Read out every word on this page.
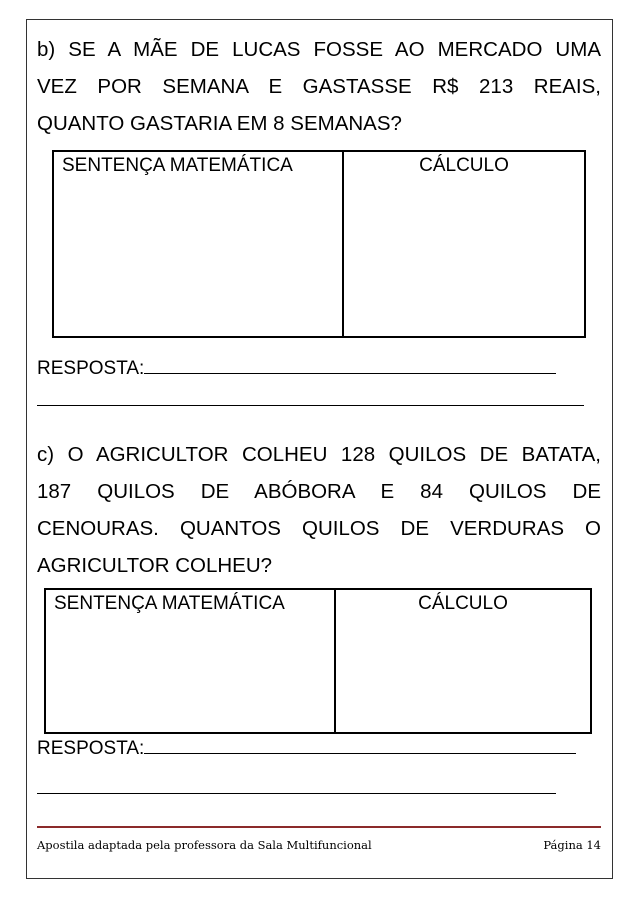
b) SE A MÃE DE LUCAS FOSSE AO MERCADO UMA
VEZ POR SEMANA E GASTASSE R$ 213 REAIS,
QUANTO GASTARIA EM 8 SEMANAS?
SENTENÇA MATEMÁTICA	CÁLCULO
RESPOSTA:
c) O AGRICULTOR COLHEU 128 QUILOS DE BATATA,
187 QUILOS DE ABÓBORA E 84 QUILOS DE
CENOURAS. QUANTOS QUILOS DE VERDURAS O
AGRICULTOR COLHEU?
SENTENÇA MATEMÁTICA	CÁLCULO
RESPOSTA:
Apostila adaptada pela professora da Sala Multifuncional	Página 14
